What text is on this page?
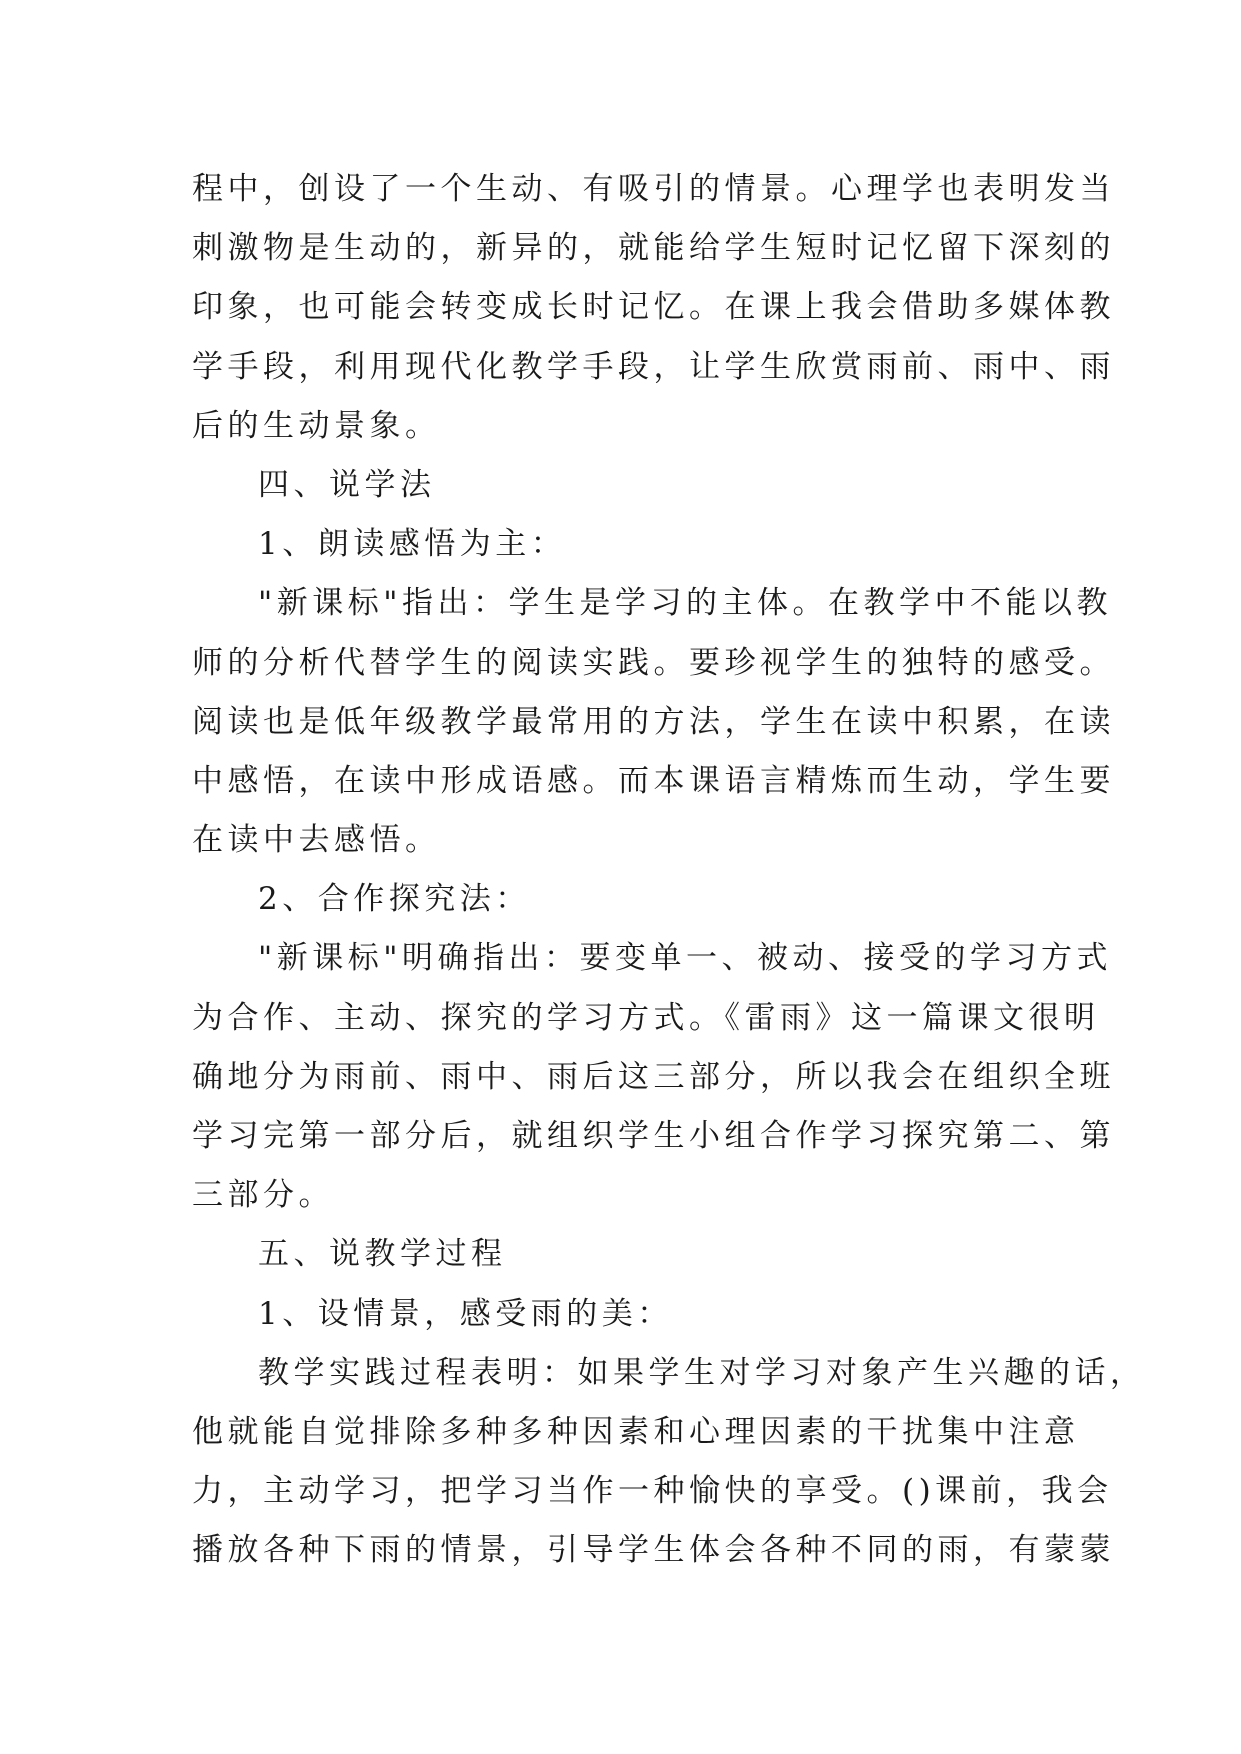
程中，创设了一个生动、有吸引的情景。心理学也表明发当
刺激物是生动的，新异的，就能给学生短时记忆留下深刻的
印象，也可能会转变成长时记忆。在课上我会借助多媒体教
学手段，利用现代化教学手段，让学生欣赏雨前、雨中、雨
后的生动景象。
四、说学法
1、朗读感悟为主：
"新课标"指出：学生是学习的主体。在教学中不能以教
师的分析代替学生的阅读实践。要珍视学生的独特的感受。
阅读也是低年级教学最常用的方法，学生在读中积累，在读
中感悟，在读中形成语感。而本课语言精炼而生动，学生要
在读中去感悟。
2、合作探究法：
"新课标"明确指出：要变单一、被动、接受的学习方式
为合作、主动、探究的学习方式。《雷雨》这一篇课文很明
确地分为雨前、雨中、雨后这三部分，所以我会在组织全班
学习完第一部分后，就组织学生小组合作学习探究第二、第
三部分。
五、说教学过程
1、设情景，感受雨的美：
教学实践过程表明：如果学生对学习对象产生兴趣的话，
他就能自觉排除多种多种因素和心理因素的干扰集中注意
力，主动学习，把学习当作一种愉快的享受。()课前，我会
播放各种下雨的情景，引导学生体会各种不同的雨，有蒙蒙
